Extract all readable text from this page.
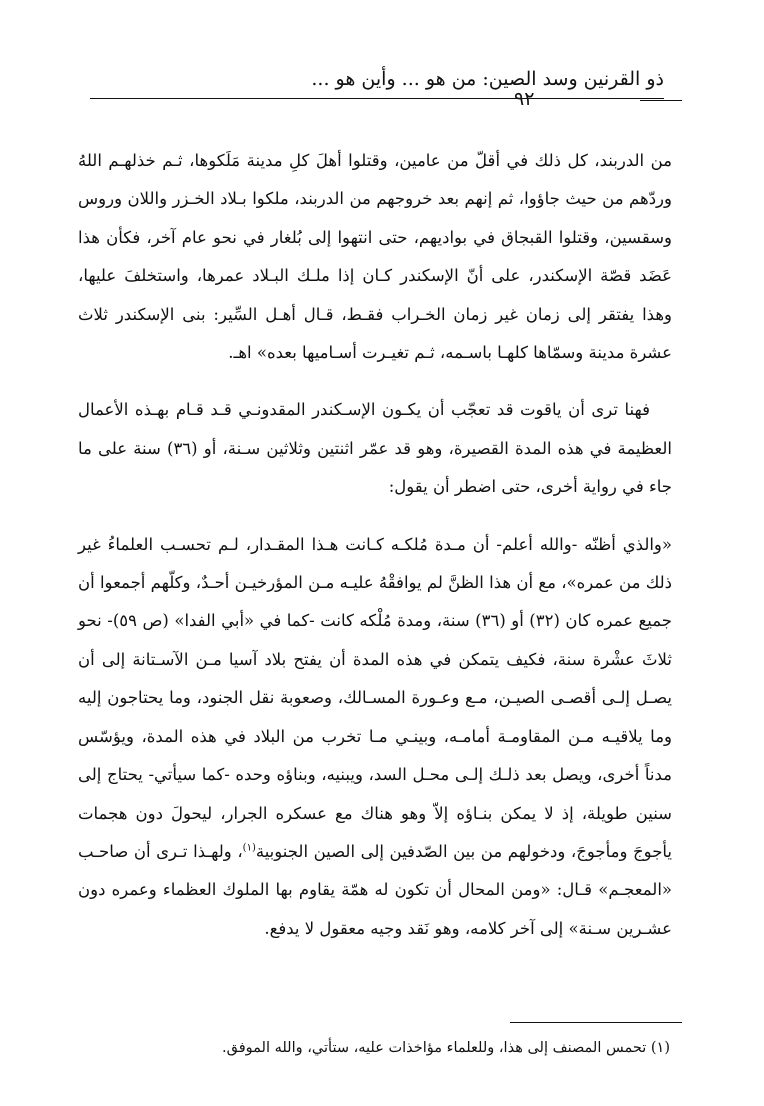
ذو القرنين وسد الصين: من هو ... وأين هو ...
٩٢

من الدربند، كل ذلك في أقلّ من عامين، وقتلوا أهلَ كلِ مدينة مَلَكوها، ثـم خذلهـم اللهُ وردّهم من حيث جاؤوا، ثم إنهم بعد خروجهم من الدربند، ملكوا بـلاد الخـزر واللان وروس وسقسين، وقتلوا القبجاق في بواديهم، حتى انتهوا إلى بُلغار في نحو عام آخر، فكأن هذا عَضَد قصّة الإسكندر، على أنّ الإسكندر كـان إذا ملـك البـلاد عمرها، واستخلفَ عليها، وهذا يفتقر إلى زمان غير زمان الخـراب فقـط، قـال أهـل السِّير: بنى الإسكندر ثلاث عشرة مدينة وسمّاها كلهـا باسـمه، ثـم تغيـرت أسـاميها بعده» اهـ.

فهنا ترى أن ياقوت قد تعجّب أن يكـون الإسـكندر المقدونـي قـد قـام بهـذه الأعمال العظيمة في هذه المدة القصيرة، وهو قد عمّر اثنتين وثلاثين سـنة، أو (٣٦) سنة على ما جاء في رواية أخرى، حتى اضطر أن يقول:

«والذي أظنّه -والله أعلم- أن مـدة مُلكـه كـانت هـذا المقـدار، لـم تحسـب العلماءُ غير ذلك من عمره»، مع أن هذا الظنَّ لم يوافقْهُ عليـه مـن المؤرخيـن أحـدٌ، وكلّهم أجمعوا أن جميع عمره كان (٣٢) أو (٣٦) سنة، ومدة مُلْكه كانت -كما في «أبي الفدا» (ص ٥٩)- نحو ثلاثَ عشْرة سنة، فكيف يتمكن في هذه المدة أن يفتح بلاد آسيا مـن الآسـتانة إلى أن يصـل إلـى أقصـى الصيـن، مـع وعـورة المسـالك، وصعوبة نقل الجنود، وما يحتاجون إليه وما يلاقيـه مـن المقاومـة أمامـه، وبينـي مـا تخرب من البلاد في هذه المدة، ويؤسّس مدناً أخرى، ويصل بعد ذلـك إلـى محـل السد، ويبنيه، وبناؤه وحده -كما سيأتي- يحتاج إلى سنين طويلة، إذ لا يمكن بنـاؤه إلاّ وهو هناك مع عسكره الجرار، ليحولَ دون هجمات يأجوجَ ومأجوجَ، ودخولهم من بين الصّدفين إلى الصين الجنوبية$^{(١)}$، ولهـذا تـرى أن صاحـب «المعجـم» قـال: «ومن المحال أن تكون له همّة يقاوم بها الملوك العظماء وعمره دون عشـرين سـنة» إلى آخر كلامه، وهو نَقد وجيه معقول لا يدفع.

(١) تحمس المصنف إلى هذا، وللعلماء مؤاخذات عليه، ستأتي، والله الموفق.
